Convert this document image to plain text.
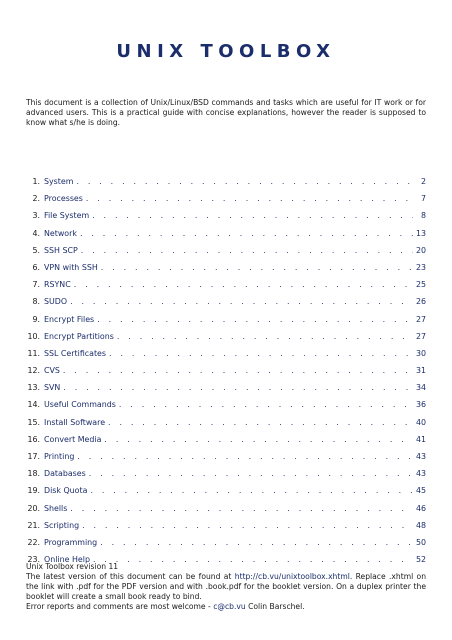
UNIX TOOLBOX
This document is a collection of Unix/Linux/BSD commands and tasks which are useful for IT work or for advanced users. This is a practical guide with concise explanations, however the reader is supposed to know what s/he is doing.
1. System . . .	2
2. Processes . . .	7
3. File System . . .	8
4. Network . . .	13
5. SSH SCP . . .	20
6. VPN with SSH . . .	23
7. RSYNC . . .	25
8. SUDO . . .	26
9. Encrypt Files . . .	27
10. Encrypt Partitions . . .	27
11. SSL Certificates . . .	30
12. CVS . . .	31
13. SVN . . .	34
14. Useful Commands . . .	36
15. Install Software . . .	40
16. Convert Media . . .	41
17. Printing . . .	43
18. Databases . . .	43
19. Disk Quota . . .	45
20. Shells . . .	46
21. Scripting . . .	48
22. Programming . . .	50
23. Online Help . . .	52
Unix Toolbox revision 11
The latest version of this document can be found at http://cb.vu/unixtoolbox.xhtml. Replace .xhtml on the link with .pdf for the PDF version and with .book.pdf for the booklet version. On a duplex printer the booklet will create a small book ready to bind.
Error reports and comments are most welcome - c@cb.vu Colin Barschel.
